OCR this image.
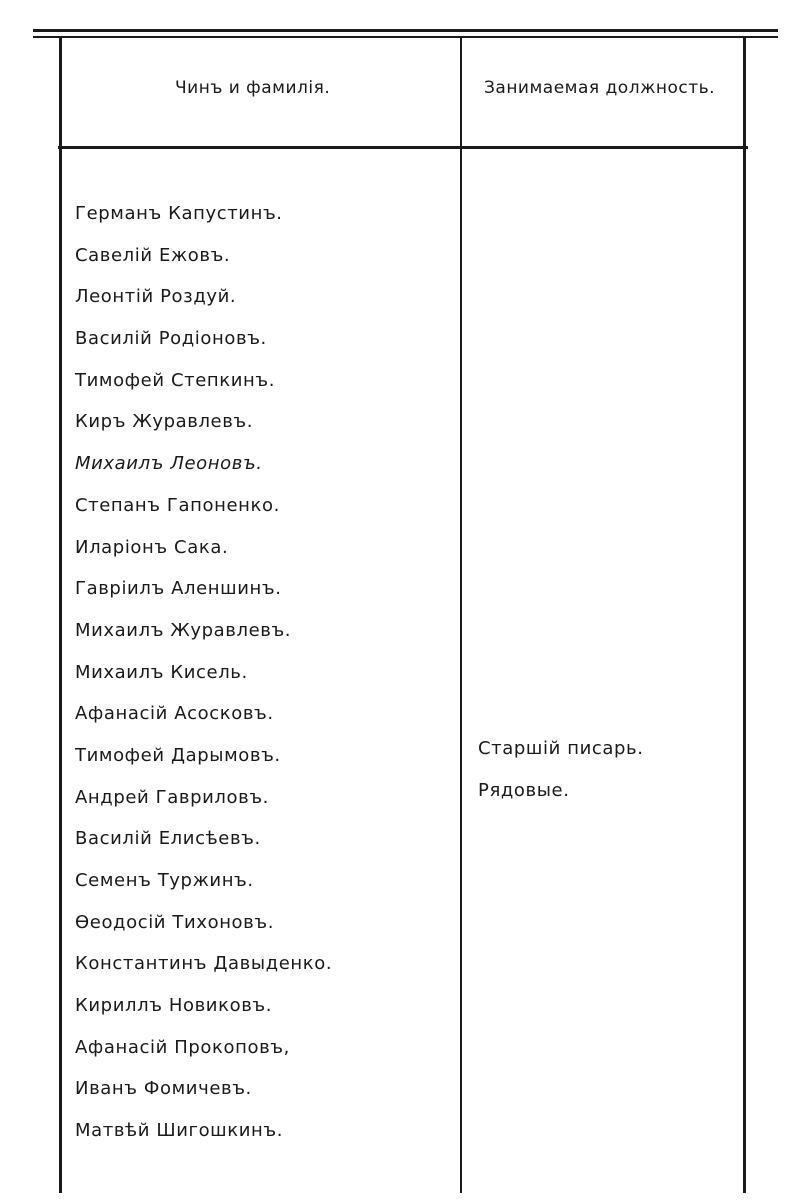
Чинъ и фамилія.	Занимаемая должность.
Германъ Капустинъ.
Савелій Ежовъ.
Леонтій Роздуй.
Василій Родіоновъ.
Тимофей Степкинъ.
Киръ Журавлевъ.
Михаилъ Леоновъ.
Степанъ Гапоненко.
Иларіонъ Сака.
Гавріилъ Аленшинъ.
Михаилъ Журавлевъ.
Михаилъ Кисель.
Афанасій Асосковъ.
Тимофей Дарымовъ.
Андрей Гавриловъ.
Василій Елисѣевъ.
Семенъ Туржинъ.
Ѳеодосій Тихоновъ.
Константинъ Давыденко.
Кириллъ Новиковъ.
Афанасій Прокоповъ,
Иванъ Фомичевъ.
Матвѣй Шигошкинъ.
Старшій писарь.
Рядовые.
